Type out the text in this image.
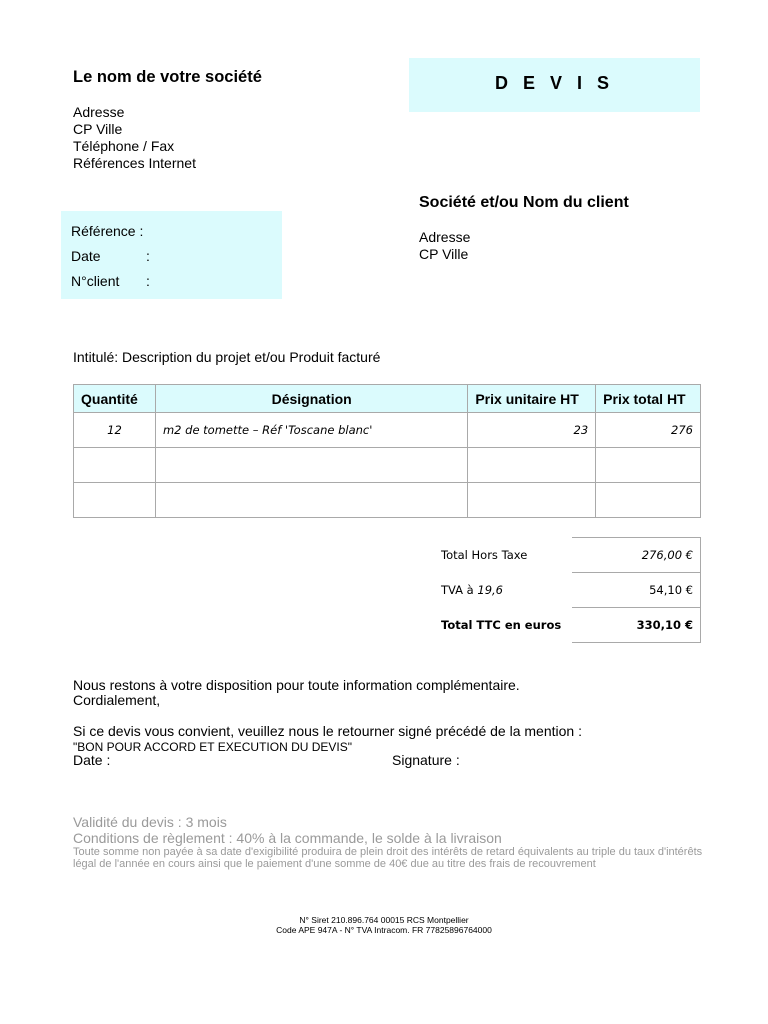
Le nom de votre société
Adresse
CP Ville
Téléphone / Fax
Références Internet
D E V I S
Référence :
Date	:
N°client :
Société et/ou Nom du client
Adresse
CP Ville
Intitulé: Description du projet et/ou Produit facturé
Quantité	Désignation	Prix unitaire HT	Prix total HT
12	m2 de tomette – Réf 'Toscane blanc'	23	276

Total Hors Taxe	276,00 €
TVA à 19,6	54,10 €
Total TTC en euros	330,10 €
Nous restons à votre disposition pour toute information complémentaire.
Cordialement,
Si ce devis vous convient, veuillez nous le retourner signé précédé de la mention :
"BON POUR ACCORD ET EXECUTION DU DEVIS"
Date :	Signature :
Validité du devis : 3 mois
Conditions de règlement : 40% à la commande, le solde à la livraison
Toute somme non payée à sa date d'exigibilité produira de plein droit des intérêts de retard équivalents au triple du taux d'intérêts légal de l'année en cours ainsi que le paiement d'une somme de 40€ due au titre des frais de recouvrement
N° Siret 210.896.764 00015 RCS Montpellier
Code APE 947A - N° TVA Intracom. FR 77825896764000
